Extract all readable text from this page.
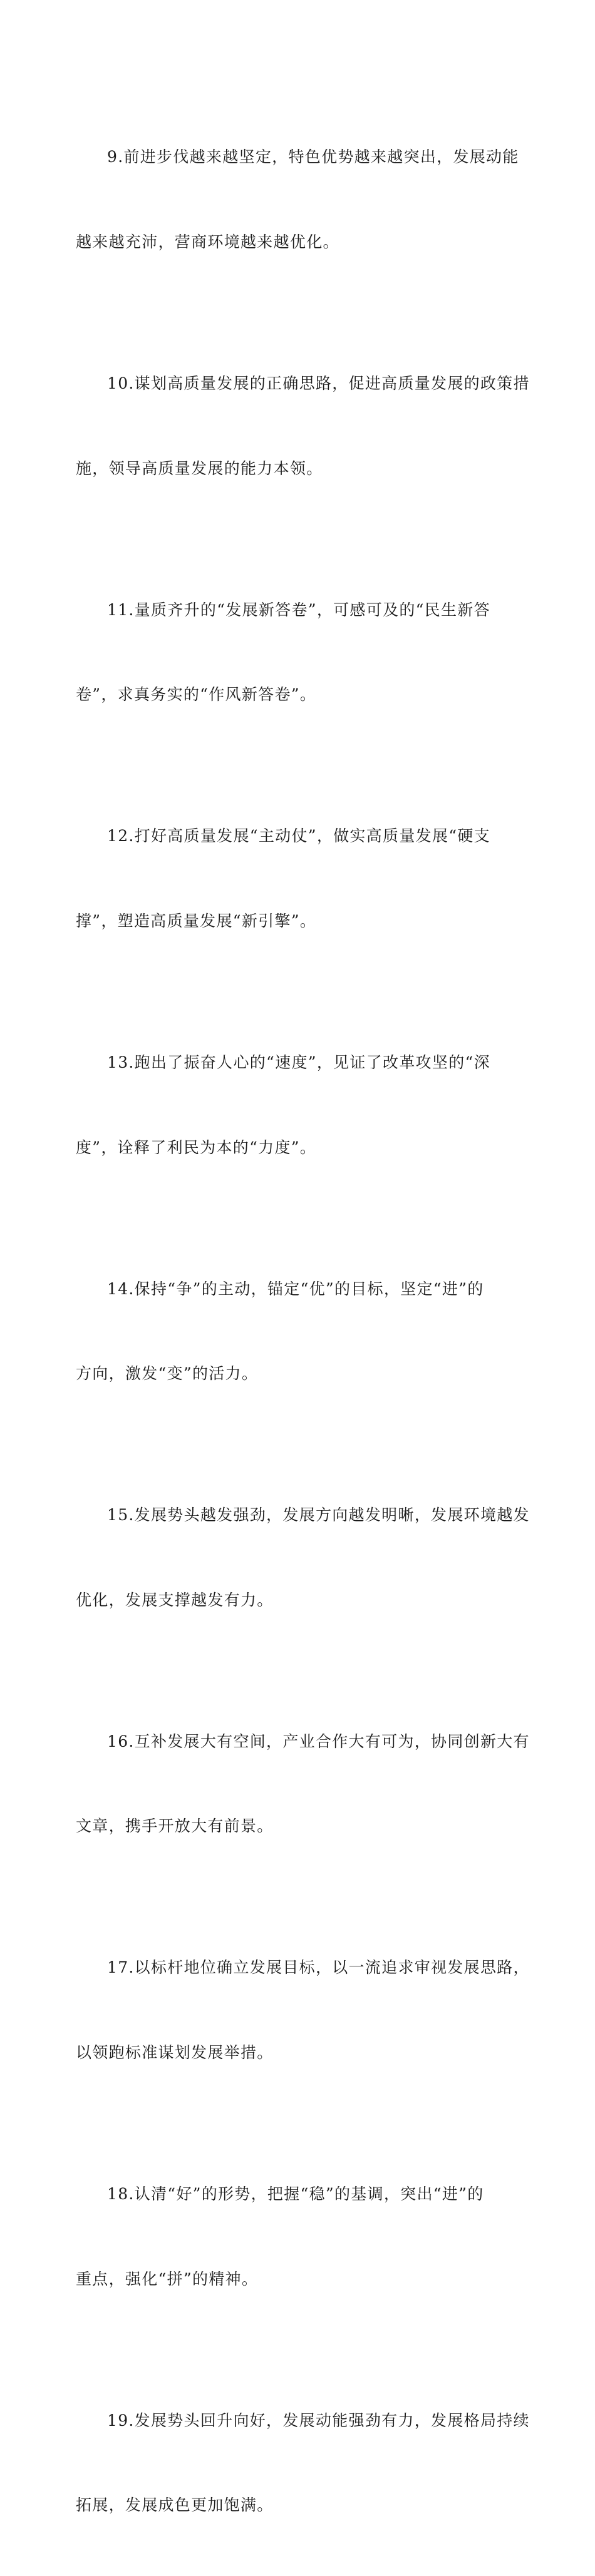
9.前进步伐越来越坚定，特色优势越来越突出，发展动能

越来越充沛，营商环境越来越优化。

10.谋划高质量发展的正确思路，促进高质量发展的政策措

施，领导高质量发展的能力本领。

11.量质齐升的“发展新答卷”，可感可及的“民生新答

卷”，求真务实的“作风新答卷”。

12.打好高质量发展“主动仗”，做实高质量发展“硬支

撑”，塑造高质量发展“新引擎”。

13.跑出了振奋人心的“速度”，见证了改革攻坚的“深

度”，诠释了利民为本的“力度”。

14.保持“争”的主动，锚定“优”的目标，坚定“进”的

方向，激发“变”的活力。

15.发展势头越发强劲，发展方向越发明晰，发展环境越发

优化，发展支撑越发有力。

16.互补发展大有空间，产业合作大有可为，协同创新大有

文章，携手开放大有前景。

17.以标杆地位确立发展目标，以一流追求审视发展思路，

以领跑标准谋划发展举措。

18.认清“好”的形势，把握“稳”的基调，突出“进”的

重点，强化“拼”的精神。

19.发展势头回升向好，发展动能强劲有力，发展格局持续

拓展，发展成色更加饱满。
